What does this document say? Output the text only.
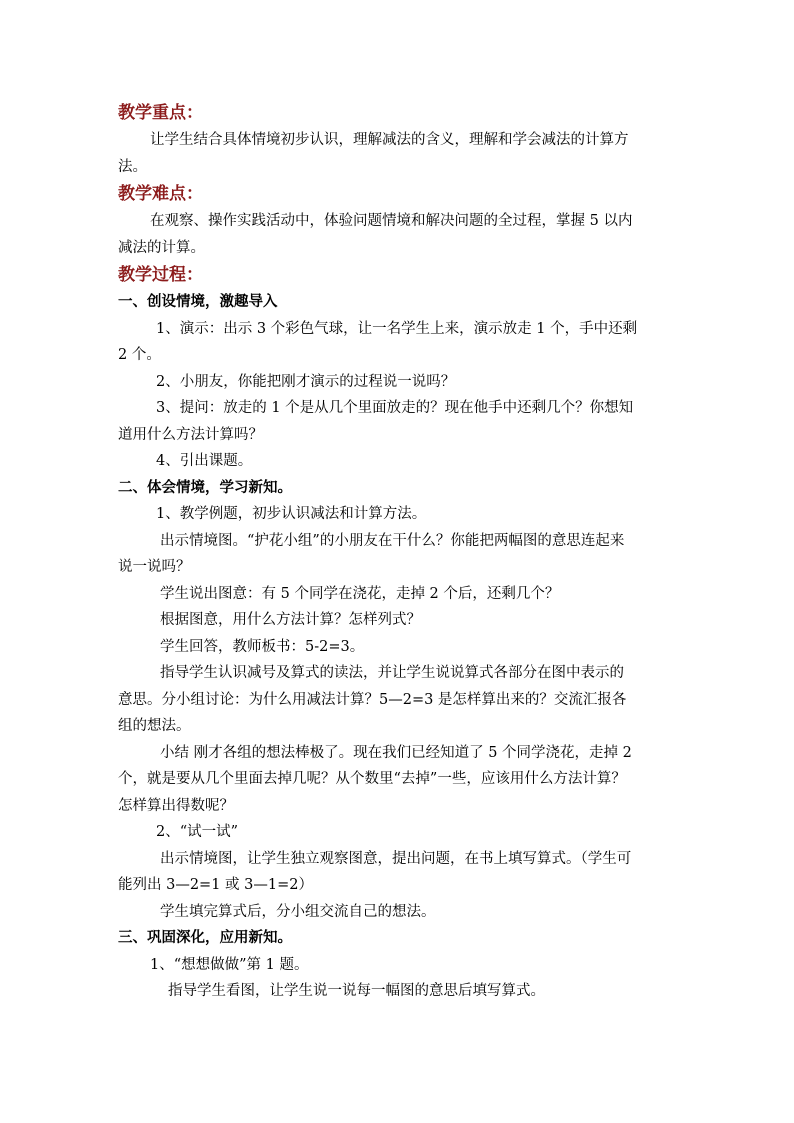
教学重点：
让学生结合具体情境初步认识，理解减法的含义，理解和学会减法的计算方
法。
教学难点：
在观察、操作实践活动中，体验问题情境和解决问题的全过程，掌握 5 以内
减法的计算。
教学过程：
一、创设情境，激趣导入
1、演示：出示 3 个彩色气球，让一名学生上来，演示放走 1 个，手中还剩
2 个。
2、小朋友，你能把刚才演示的过程说一说吗？
3、提问：放走的 1 个是从几个里面放走的？现在他手中还剩几个？你想知
道用什么方法计算吗？
4、引出课题。
二、体会情境，学习新知。
1、教学例题，初步认识减法和计算方法。
出示情境图。“护花小组”的小朋友在干什么？你能把两幅图的意思连起来
说一说吗？
学生说出图意：有 5 个同学在浇花，走掉 2 个后，还剩几个？
根据图意，用什么方法计算？怎样列式？
学生回答，教师板书：5-2=3。
指导学生认识减号及算式的读法，并让学生说说算式各部分在图中表示的
意思。分小组讨论：为什么用减法计算？5—2=3 是怎样算出来的？交流汇报各
组的想法。
小结 刚才各组的想法棒极了。现在我们已经知道了 5 个同学浇花，走掉 2
个，就是要从几个里面去掉几呢？从个数里“去掉”一些，应该用什么方法计算？
怎样算出得数呢？
2、“试一试”
出示情境图，让学生独立观察图意，提出问题，在书上填写算式。（学生可
能列出 3—2=1 或 3—1=2）
学生填完算式后，分小组交流自己的想法。
三、巩固深化，应用新知。
1、“想想做做”第 1 题。
指导学生看图，让学生说一说每一幅图的意思后填写算式。
